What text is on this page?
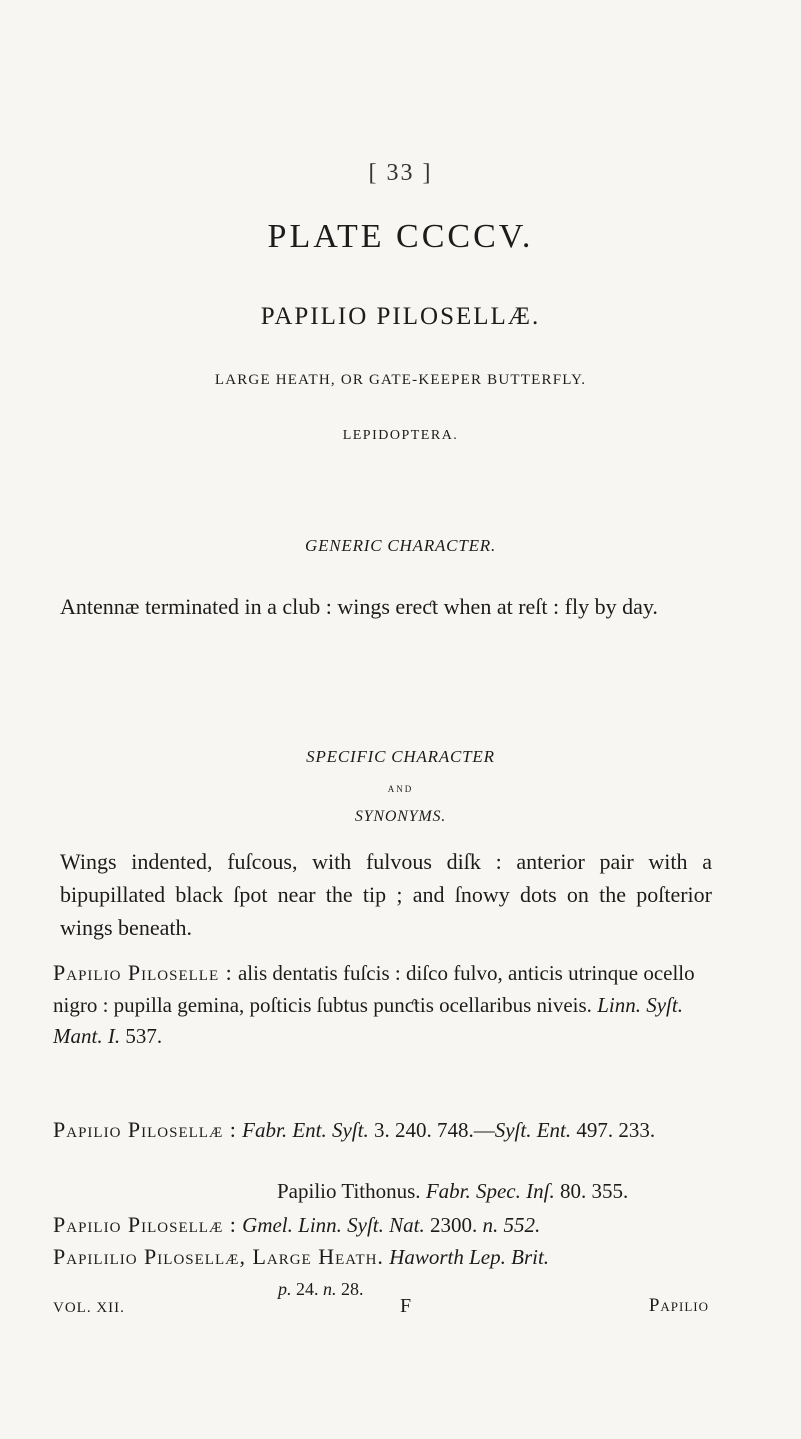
[ 33 ]
PLATE CCCCV.
PAPILIO PILOSELLÆ.
LARGE HEATH, OR GATE-KEEPER BUTTERFLY.
LEPIDOPTERA.
GENERIC CHARACTER.
Antennæ terminated in a club : wings ereƈt when at reſt : fly by day.
SPECIFIC CHARACTER
AND
SYNONYMS.
Wings indented, fuſcous, with fulvous diſk : anterior pair with a bipupillated black ſpot near the tip ; and ſnowy dots on the poſterior wings beneath.
Papilio Piloselle : alis dentatis fuſcis : diſco fulvo, anticis utrinque ocello nigro : pupilla gemina, poſticis ſubtus punƈtis ocellaribus niveis. Linn. Syſt. Mant. I. 537.
Papilio Pilosellæ : Fabr. Ent. Syſt. 3. 240. 748.—Syſt. Ent. 497. 233.
Papilio Tithonus. Fabr. Spec. Inſ. 80. 355.
Papilio Pilosellæ : Gmel. Linn. Syſt. Nat. 2300. n. 552.
Papililio Pilosellæ, Large Heath. Haworth Lep. Brit.
p. 24. n. 28.
VOL. XII.	F	Papilio
